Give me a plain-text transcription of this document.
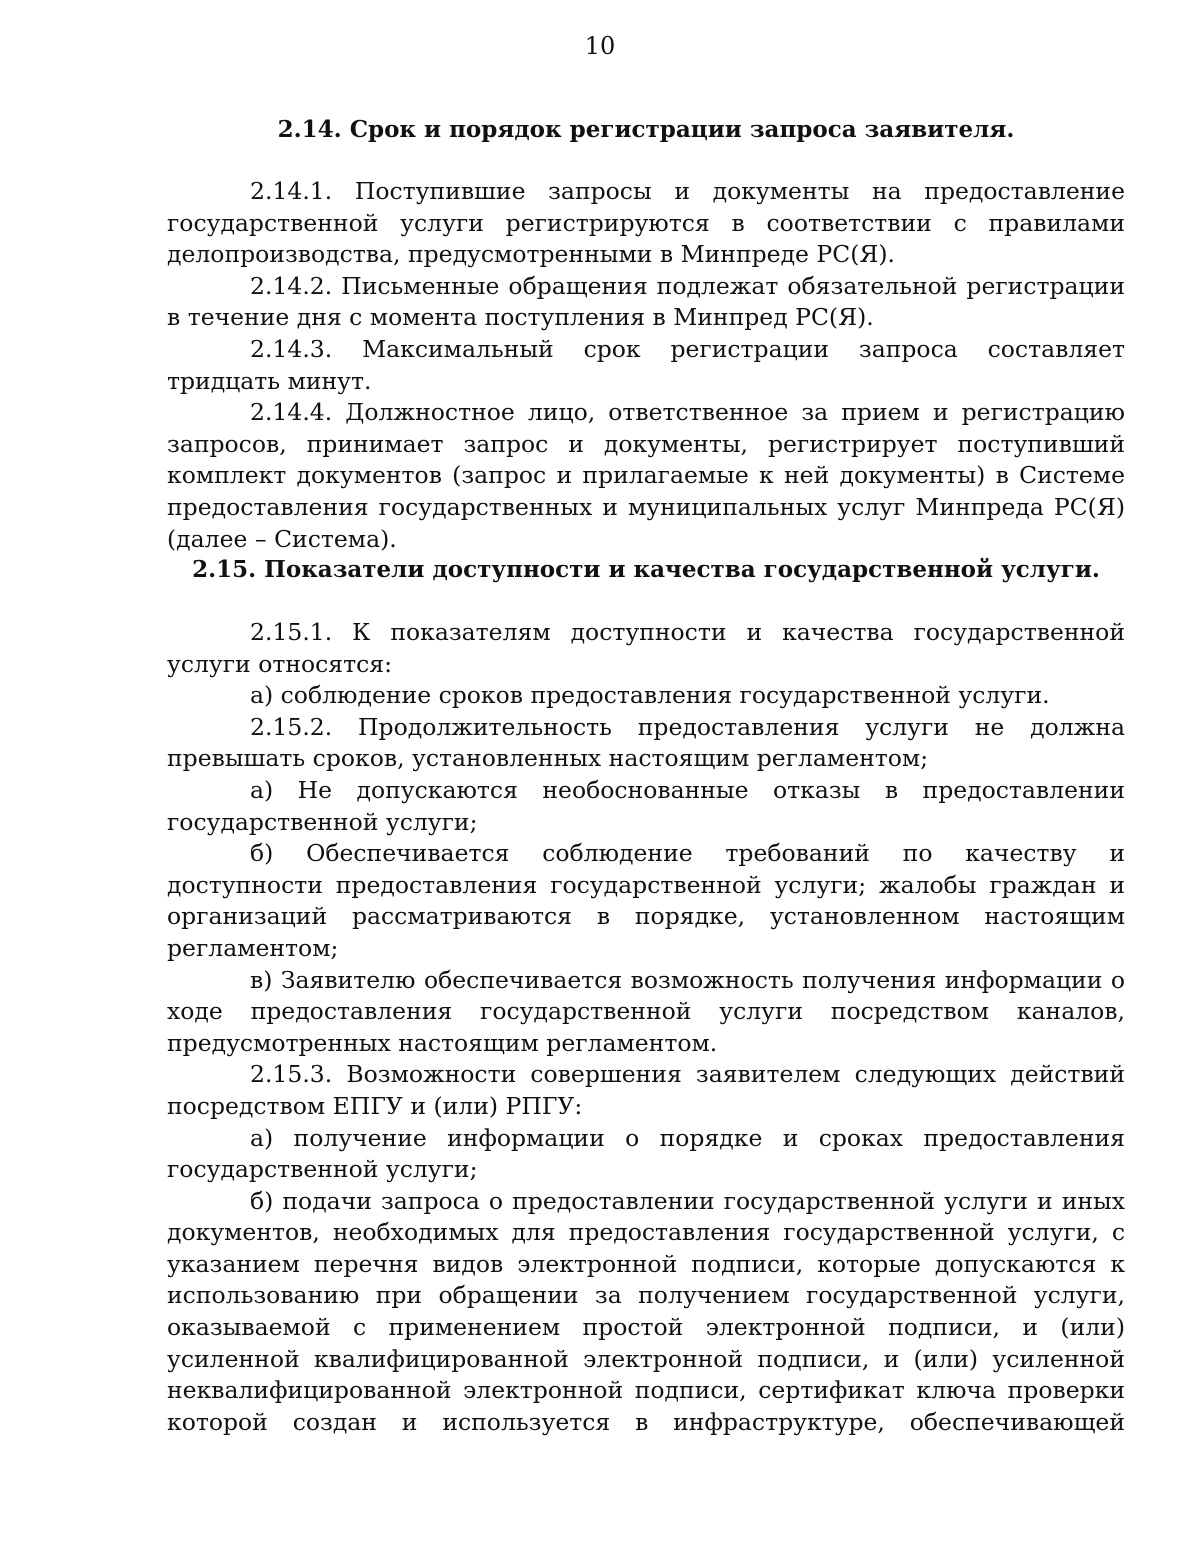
10
2.14. Срок и порядок регистрации запроса заявителя.

2.14.1. Поступившие запросы и документы на предоставление государственной услуги регистрируются в соответствии с правилами делопроизводства, предусмотренными в Минпреде РС(Я).

2.14.2. Письменные обращения подлежат обязательной регистрации в течение дня с момента поступления в Минпред РС(Я).

2.14.3. Максимальный срок регистрации запроса составляет тридцать минут.

2.14.4. Должностное лицо, ответственное за прием и регистрацию запросов, принимает запрос и документы, регистрирует поступивший комплект документов (запрос и прилагаемые к ней документы) в Системе предоставления государственных и муниципальных услуг Минпреда РС(Я) (далее – Система).

2.15. Показатели доступности и качества государственной услуги.

2.15.1. К показателям доступности и качества государственной услуги относятся:

а) соблюдение сроков предоставления государственной услуги.

2.15.2. Продолжительность предоставления услуги не должна превышать сроков, установленных настоящим регламентом;

а) Не допускаются необоснованные отказы в предоставлении государственной услуги;

б) Обеспечивается соблюдение требований по качеству и доступности предоставления государственной услуги; жалобы граждан и организаций рассматриваются в порядке, установленном настоящим регламентом;

в) Заявителю обеспечивается возможность получения информации о ходе предоставления государственной услуги посредством каналов, предусмотренных настоящим регламентом.

2.15.3. Возможности совершения заявителем следующих действий посредством ЕПГУ и (или) РПГУ:

а) получение информации о порядке и сроках предоставления государственной услуги;

б) подачи запроса о предоставлении государственной услуги и иных документов, необходимых для предоставления государственной услуги, с указанием перечня видов электронной подписи, которые допускаются к использованию при обращении за получением государственной услуги, оказываемой с применением простой электронной подписи, и (или) усиленной квалифицированной электронной подписи, и (или) усиленной неквалифицированной электронной подписи, сертификат ключа проверки которой создан и используется в инфраструктуре, обеспечивающей
